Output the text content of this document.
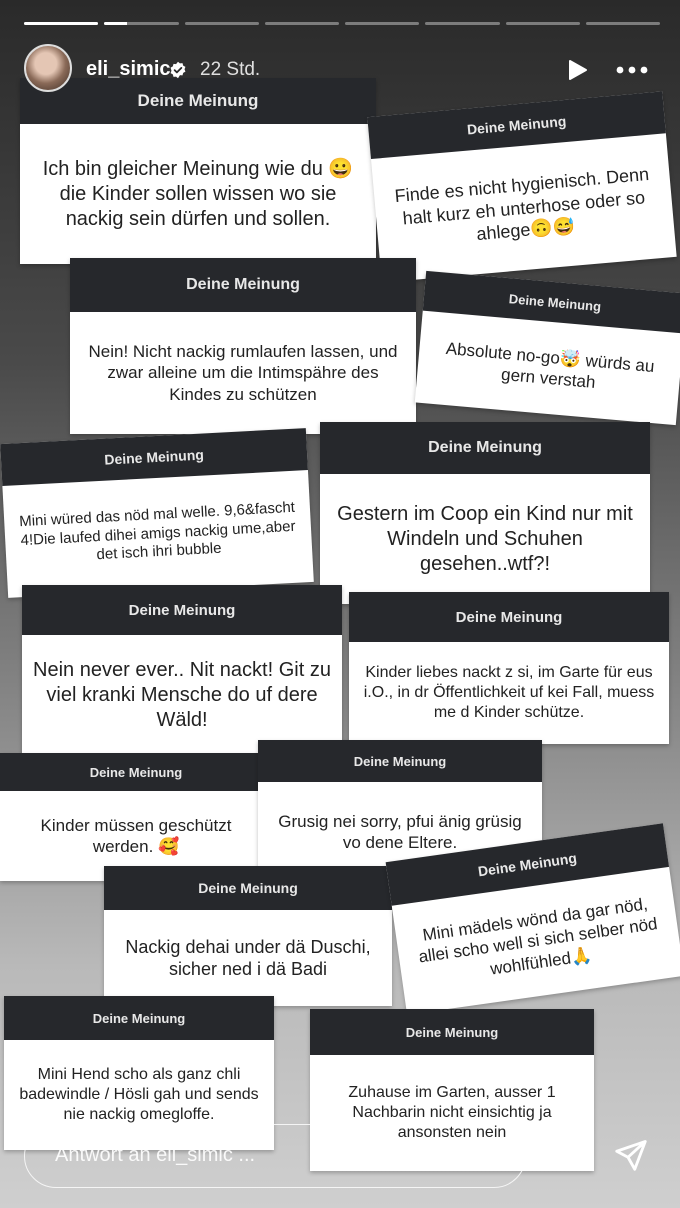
Deine Meinung
Ich bin gleicher Meinung wie du 😀 die Kinder sollen wissen wo sie nackig sein dürfen und sollen.
Deine Meinung
Finde es nicht hygienisch. Denn halt kurz eh unterhose oder so ahlege🙃😅
Deine Meinung
Nein! Nicht nackig rumlaufen lassen, und zwar alleine um die Intimspähre des Kindes zu schützen
Deine Meinung
Absolute no-go🤯 würds au gern verstah
Deine Meinung
Mini würed das nöd mal welle. 9,6&fascht 4!Die laufed dihei amigs nackig ume,aber det isch ihri bubble
Deine Meinung
Gestern im Coop ein Kind nur mit Windeln und Schuhen gesehen..wtf?!
Deine Meinung
Nein never ever.. Nit nackt! Git zu viel kranki Mensche do uf dere Wäld!
Deine Meinung
Kinder liebes nackt z si, im Garte für eus i.O., in dr Öffentlichkeit uf kei Fall, muess me d Kinder schütze.
Deine Meinung
Kinder müssen geschützt werden. 🥰
Deine Meinung
Grusig nei sorry, pfui änig grüsig vo dene Eltere.
Deine Meinung
Nackig dehai under dä Duschi, sicher ned i dä Badi
Deine Meinung
Mini mädels wönd da gar nöd, allei scho well si sich selber nöd wohlfühled🙏
Deine Meinung
Mini Hend scho als ganz chli badewindle / Hösli gah und sends nie nackig omegloffe.
Deine Meinung
Zuhause im Garten, ausser 1 Nachbarin nicht einsichtig ja ansonsten nein
eli_simic 22 Std.
Antwort an eli_simic ...
